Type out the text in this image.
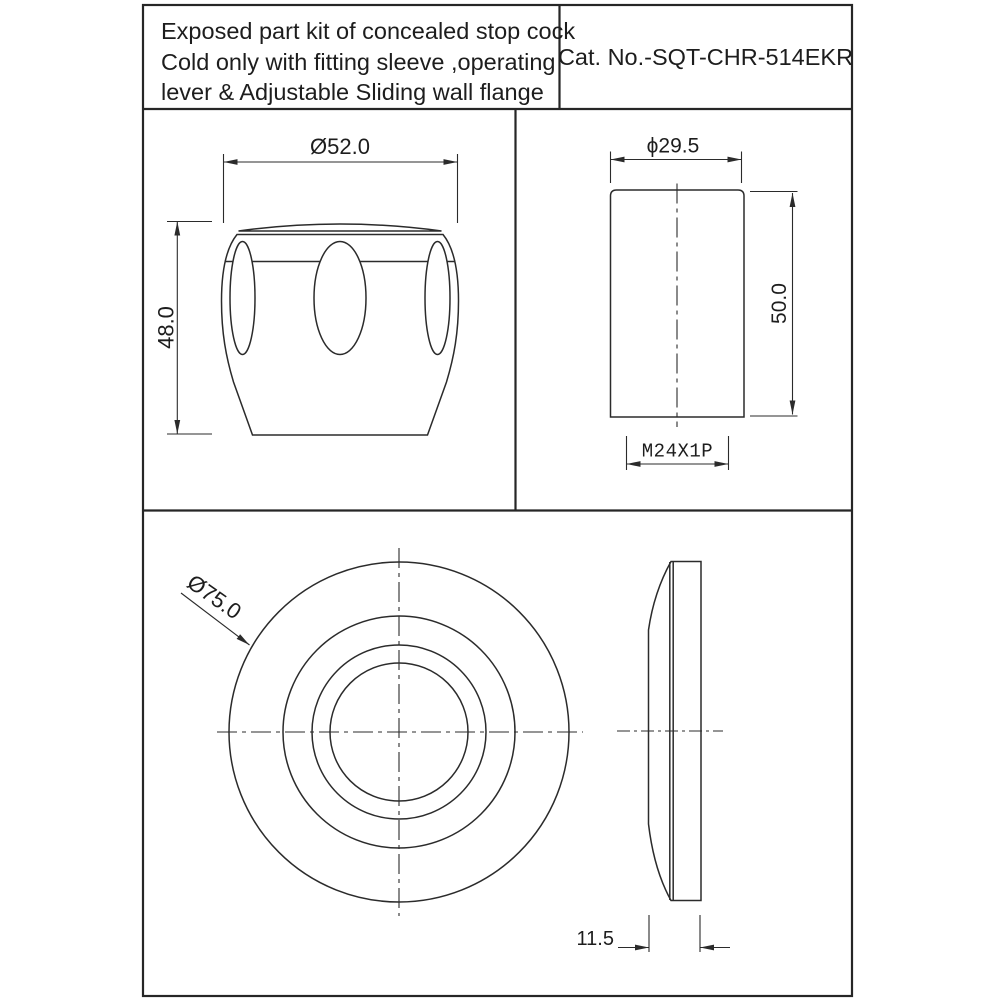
Ø52.0
48.0
ϕ29.5
50.0
M24X1P
Ø75.0
11.5
Exposed part kit of concealed stop cock
Cold only with fitting sleeve ,operating
lever & Adjustable Sliding wall flange
Cat. No.-SQT-CHR-514EKR
